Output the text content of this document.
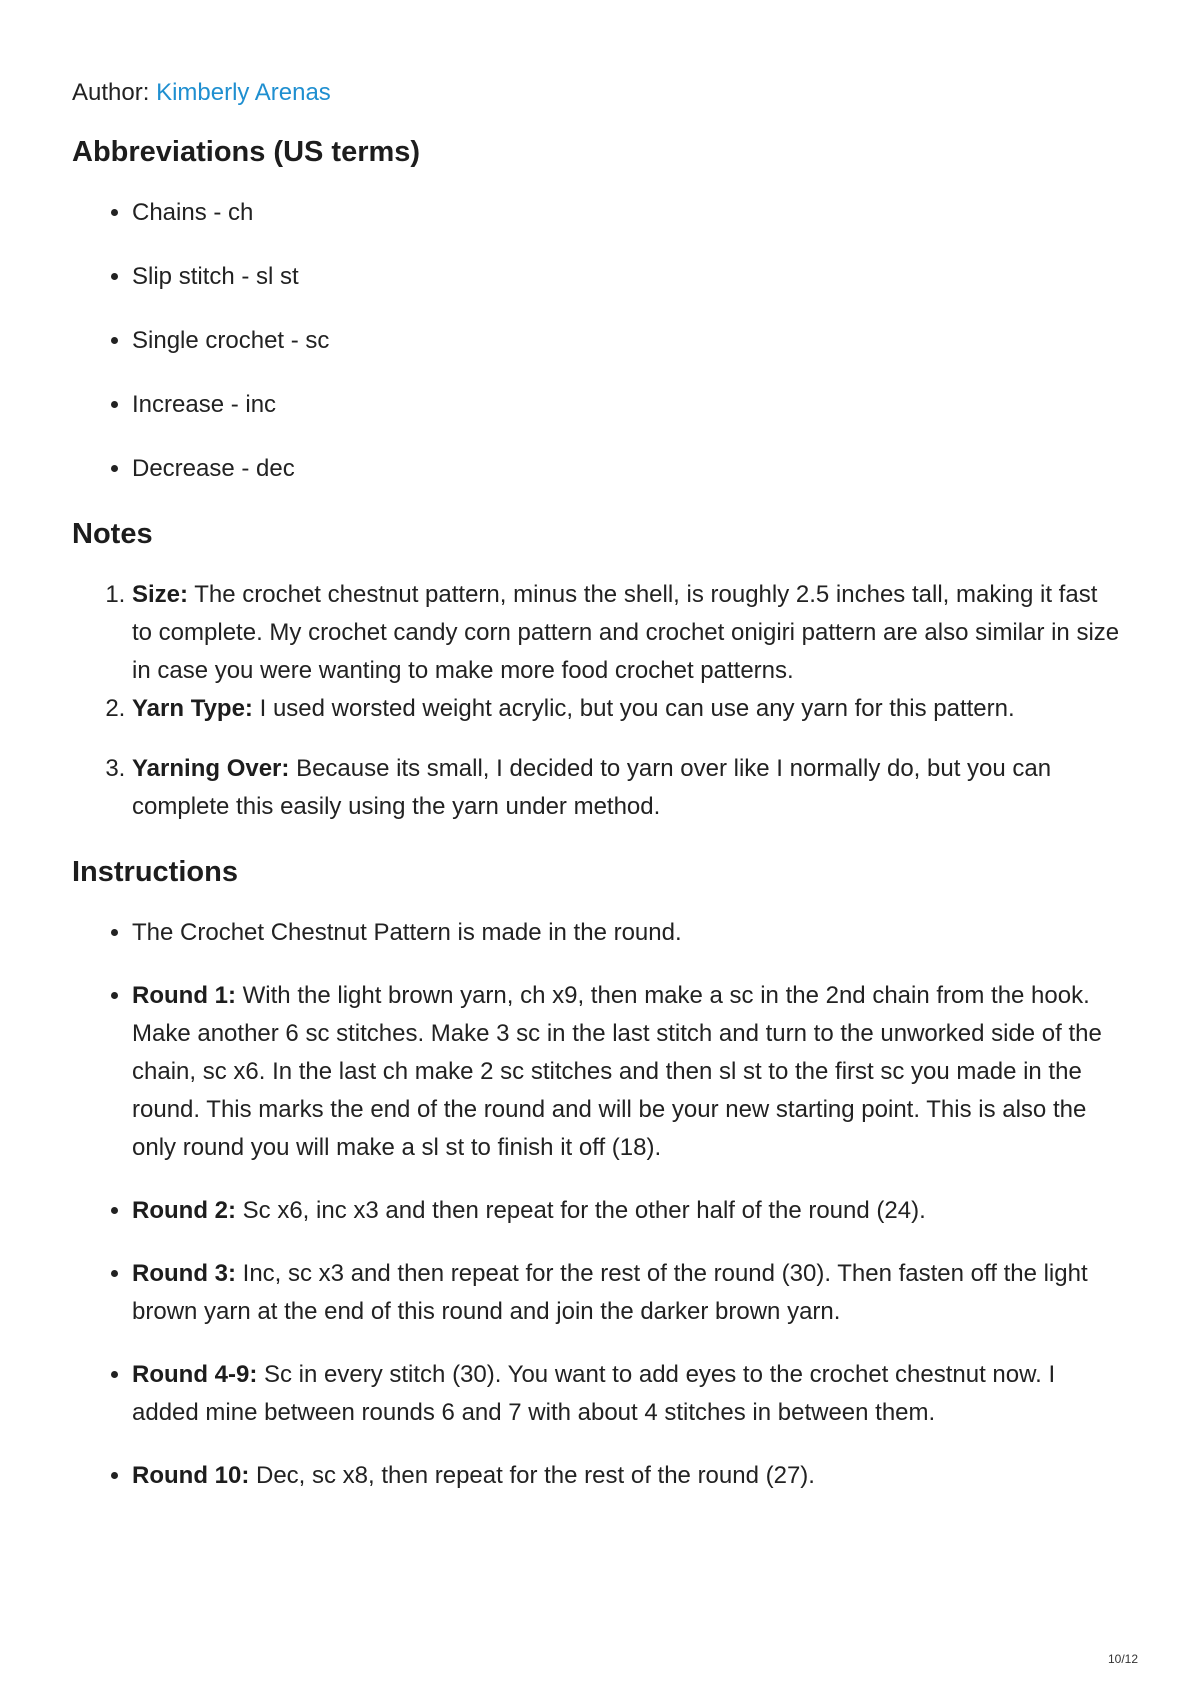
Author: Kimberly Arenas

Abbreviations (US terms)
• Chains - ch
• Slip stitch - sl st
• Single crochet - sc
• Increase - inc
• Decrease - dec
Notes
1. Size: The crochet chestnut pattern, minus the shell, is roughly 2.5 inches tall, making it fast to complete. My crochet candy corn pattern and crochet onigiri pattern are also similar in size in case you were wanting to make more food crochet patterns.
2. Yarn Type: I used worsted weight acrylic, but you can use any yarn for this pattern.
3. Yarning Over: Because its small, I decided to yarn over like I normally do, but you can complete this easily using the yarn under method.
Instructions
• The Crochet Chestnut Pattern is made in the round.
• Round 1: With the light brown yarn, ch x9, then make a sc in the 2nd chain from the hook. Make another 6 sc stitches. Make 3 sc in the last stitch and turn to the unworked side of the chain, sc x6. In the last ch make 2 sc stitches and then sl st to the first sc you made in the round. This marks the end of the round and will be your new starting point. This is also the only round you will make a sl st to finish it off (18).
• Round 2: Sc x6, inc x3 and then repeat for the other half of the round (24).
• Round 3: Inc, sc x3 and then repeat for the rest of the round (30). Then fasten off the light brown yarn at the end of this round and join the darker brown yarn.
• Round 4-9: Sc in every stitch (30). You want to add eyes to the crochet chestnut now. I added mine between rounds 6 and 7 with about 4 stitches in between them.
• Round 10: Dec, sc x8, then repeat for the rest of the round (27).
10/12
